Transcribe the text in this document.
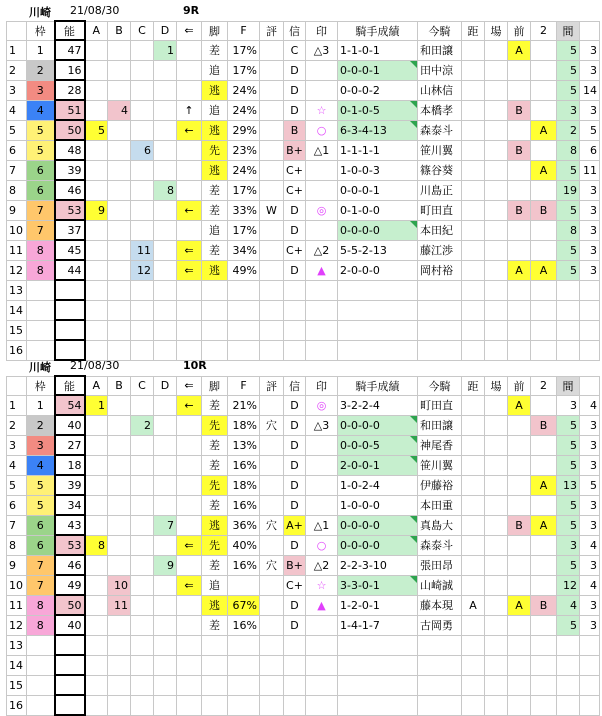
川崎 21/08/30	9R
	枠	能	A	B	C	D	⇐	脚	F	評	信	印	騎手成績	今騎	距	場	前	2	間	
1	1	47				1		差	17%		C	△3	1-1-0-1	和田譲			A		5	3
2	2	16						追	17%		D		0-0-0-1	田中涼					5	3
3	3	28						逃	24%		D		0-0-0-2	山林信					5	14
4	4	51		4			↑	追	24%		D	☆	0-1-0-5	本橋孝			B		3	3
5	5	50	5				←	逃	29%		B	○	6-3-4-13	森泰斗				A	2	5
6	5	48			6			先	23%		B+	△1	1-1-1-1	笹川翼			B		8	6
7	6	39						逃	24%		C+		1-0-0-3	篠谷葵				A	5	11
8	6	46				8		差	17%		C+		0-0-0-1	川島正					19	3
9	7	53	9				←	差	33%	W	D	◎	0-1-0-0	町田直			B	B	5	3
10	7	37						追	17%		D		0-0-0-0	本田紀					8	3
11	8	45			11		⇐	差	34%		C+	△2	5-5-2-13	藤江渉					5	3
12	8	44			12		⇐	逃	49%		D	▲	2-0-0-0	岡村裕			A	A	5	3
13																				
14																				
15																				
16																				
川崎 21/08/30	10R
	枠	能	A	B	C	D	⇐	脚	F	評	信	印	騎手成績	今騎	距	場	前	2	間	
1	1	54	1				←	差	21%		D	◎	3-2-2-4	町田直			A		3	4
2	2	40			2			先	18%	穴	D	△3	0-0-0-0	和田譲				B	5	3
3	3	27						差	13%		D		0-0-0-5	神尾香					5	3
4	4	18						差	16%		D		2-0-0-1	笹川翼					5	3
5	5	39						先	18%		D		1-0-2-4	伊藤裕				A	13	5
6	5	34						差	16%		D		1-0-0-0	本田重					5	3
7	6	43				7		逃	36%	穴	A+	△1	0-0-0-0	真島大			B	A	5	3
8	6	53	8				⇐	先	40%		D	○	0-0-0-0	森泰斗					3	4
9	7	46				9		差	16%	穴	B+	△2	2-2-3-10	張田昂					5	3
10	7	49		10			⇐	追			C+	☆	3-3-0-1	山崎誠					12	4
11	8	50		11				逃	67%		D	▲	1-2-0-1	藤本現	A		A	B	4	3
12	8	40						差	16%		D		1-4-1-7	古岡勇					5	3
13																				
14																				
15																				
16																				
